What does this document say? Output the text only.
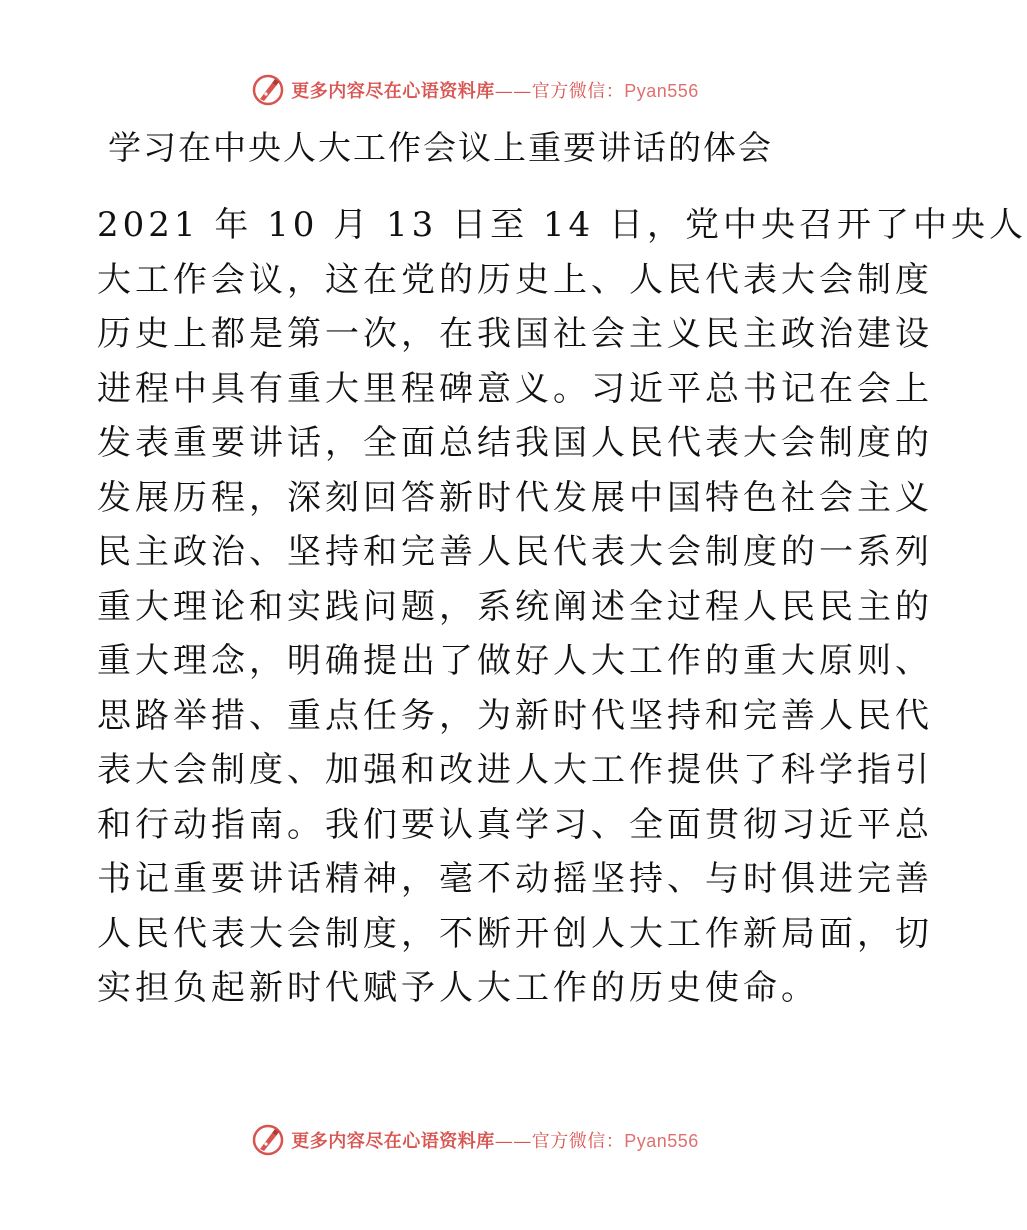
更多内容尽在心语资料库——官方微信：Pyan556
学习在中央人大工作会议上重要讲话的体会
2021 年 10 月 13 日至 14 日，党中央召开了中央人
大工作会议，这在党的历史上、人民代表大会制度
历史上都是第一次，在我国社会主义民主政治建设
进程中具有重大里程碑意义。习近平总书记在会上
发表重要讲话，全面总结我国人民代表大会制度的
发展历程，深刻回答新时代发展中国特色社会主义
民主政治、坚持和完善人民代表大会制度的一系列
重大理论和实践问题，系统阐述全过程人民民主的
重大理念，明确提出了做好人大工作的重大原则、
思路举措、重点任务，为新时代坚持和完善人民代
表大会制度、加强和改进人大工作提供了科学指引
和行动指南。我们要认真学习、全面贯彻习近平总
书记重要讲话精神，毫不动摇坚持、与时俱进完善
人民代表大会制度，不断开创人大工作新局面，切
实担负起新时代赋予人大工作的历史使命。
更多内容尽在心语资料库——官方微信：Pyan556
